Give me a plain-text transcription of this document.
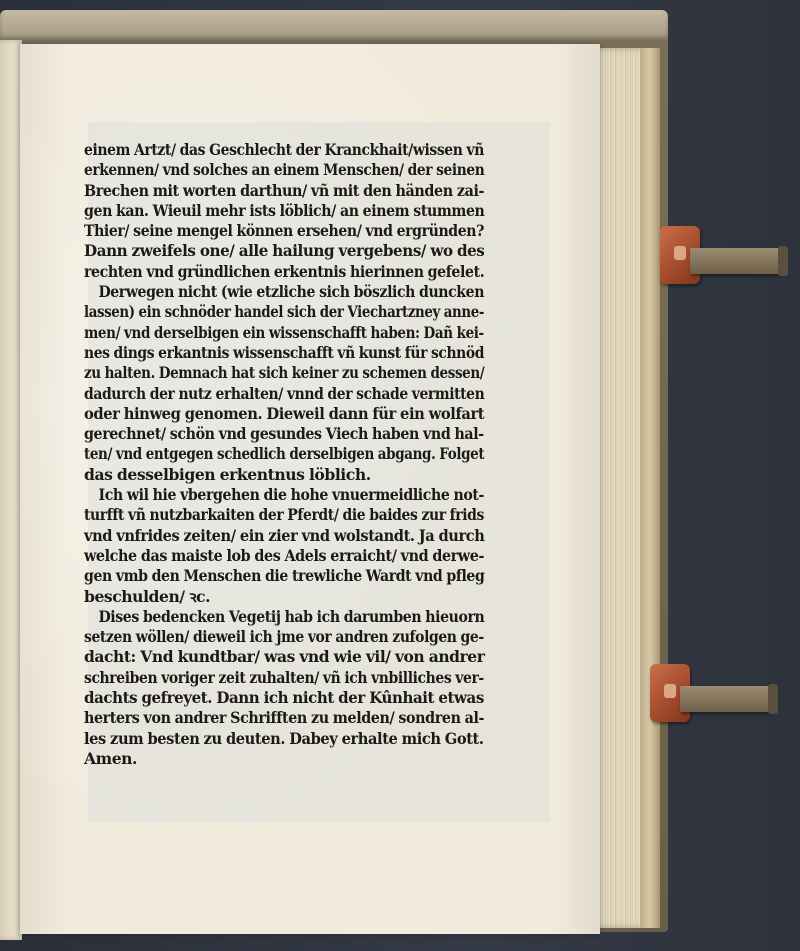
einem Artzt/ das Geschlecht der Kranckhait/wissen vñ
erkennen/ vnd solches an einem Menschen/ der seinen
Brechen mit worten darthun/ vñ mit den händen zai-
gen kan. Wieuil mehr ists löblich/ an einem stummen
Thier/ seine mengel können ersehen/ vnd ergründen?
Dann zweifels one/ alle hailung vergebens/ wo des
rechten vnd gründlichen erkentnis hierinnen gefelet.
Derwegen nicht (wie etzliche sich böszlich duncken
lassen) ein schnöder handel sich der Viechartzney anne-
men/ vnd derselbigen ein wissenschafft haben: Dañ kei-
nes dings erkantnis wissenschafft vñ kunst für schnöd
zu halten. Demnach hat sich keiner zu schemen dessen/
dadurch der nutz erhalten/ vnnd der schade vermitten
oder hinweg genomen. Dieweil dann für ein wolfart
gerechnet/ schön vnd gesundes Viech haben vnd hal-
ten/ vnd entgegen schedlich derselbigen abgang. Folget
das desselbigen erkentnus löblich.
Ich wil hie vbergehen die hohe vnuermeidliche not-
turfft vñ nutzbarkaiten der Pferdt/ die baides zur frids
vnd vnfrides zeiten/ ein zier vnd wolstandt. Ja durch
welche das maiste lob des Adels erraicht/ vnd derwe-
gen vmb den Menschen die trewliche Wardt vnd pfleg
beschulden/ ꝛc.
Dises bedencken Vegetij hab ich darumben hieuorn
setzen wöllen/ dieweil ich jme vor andren zufolgen ge-
dacht: Vnd kundtbar/ was vnd wie vil/ von andrer
schreiben voriger zeit zuhalten/ vñ ich vnbilliches ver-
dachts gefreyet. Dann ich nicht der Kûnhait etwas
herters von andrer Schrifften zu melden/ sondren al-
les zum besten zu deuten. Dabey erhalte mich Gott.
Amen.
